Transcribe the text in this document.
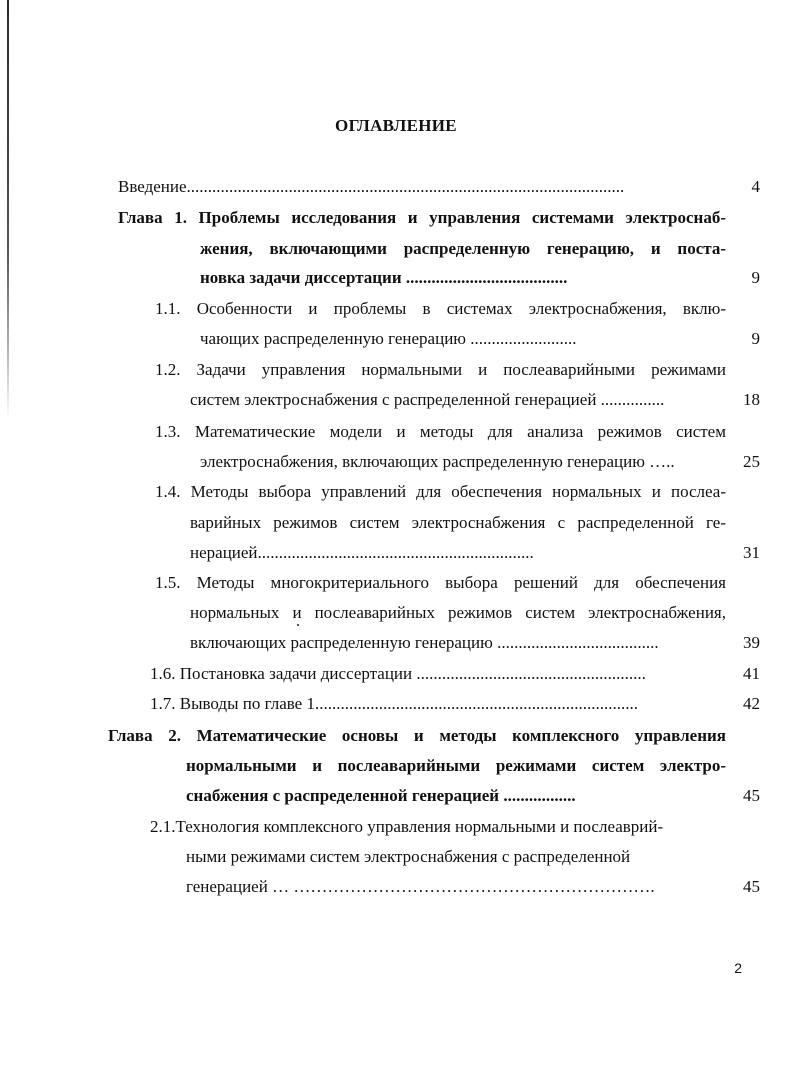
ОГЛАВЛЕНИЕ
Введение.......................................................................................................	4
Глава 1. Проблемы исследования и управления системами электроснаб-
жения, включающими распределенную генерацию, и поста-
новка задачи диссертации ......................................	9
1.1. Особенности и проблемы в системах электроснабжения, вклю-
чающих распределенную генерацию .........................	9
1.2. Задачи управления нормальными и послеаварийными режимами
систем электроснабжения с распределенной генерацией ...............	18
1.3. Математические модели и методы для анализа режимов систем
электроснабжения, включающих распределенную генерацию …..	25
1.4. Методы выбора управлений для обеспечения нормальных и послеа-
варийных режимов систем электроснабжения с распределенной ге-
нерацией.................................................................	31
1.5. Методы многокритериального выбора решений для обеспечения
нормальных и послеаварийных режимов систем электроснабжения,
включающих распределенную генерацию ......................................	39
1.6. Постановка задачи диссертации ......................................................	41
1.7. Выводы по главе 1............................................................................	42
Глава 2. Математические основы и методы комплексного управления
нормальными и послеаварийными режимами систем электро-
снабжения с распределенной генерацией .................	45
2.1.Технология комплексного управления нормальными и послеаврий-
ными режимами систем электроснабжения с распределенной
генерацией … ……………………………………………………….	45
2
